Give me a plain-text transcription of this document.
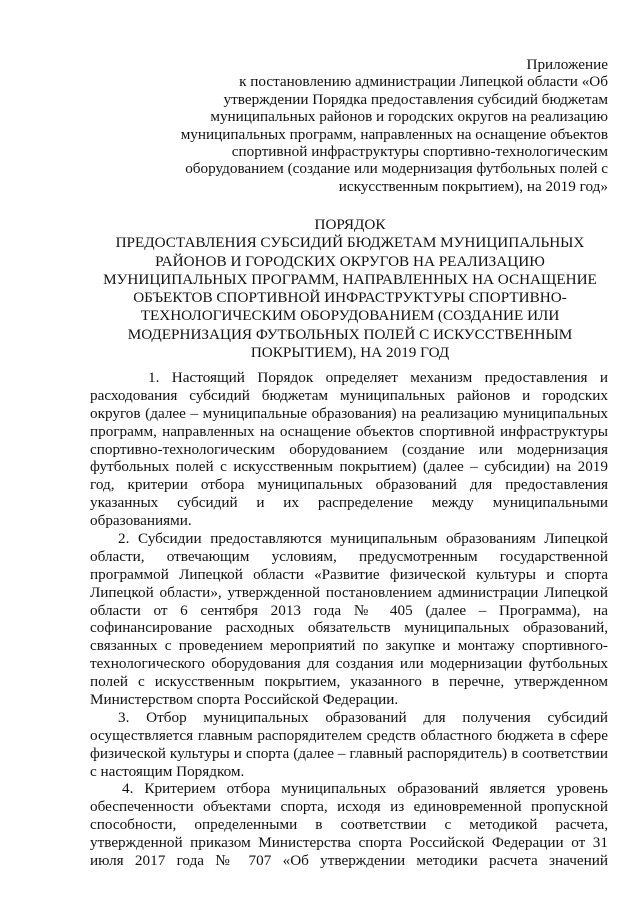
Приложение
к постановлению администрации Липецкой области «Об
утверждении Порядка предоставления субсидий бюджетам
муниципальных районов и городских округов на реализацию
муниципальных программ, направленных на оснащение объектов
спортивной инфраструктуры спортивно-технологическим
оборудованием (создание или модернизация футбольных полей с
искусственным покрытием), на 2019 год»
ПОРЯДОК
ПРЕДОСТАВЛЕНИЯ СУБСИДИЙ БЮДЖЕТАМ МУНИЦИПАЛЬНЫХ
РАЙОНОВ И ГОРОДСКИХ ОКРУГОВ НА РЕАЛИЗАЦИЮ
МУНИЦИПАЛЬНЫХ ПРОГРАММ, НАПРАВЛЕННЫХ НА ОСНАЩЕНИЕ
ОБЪЕКТОВ СПОРТИВНОЙ ИНФРАСТРУКТУРЫ СПОРТИВНО-
ТЕХНОЛОГИЧЕСКИМ ОБОРУДОВАНИЕМ (СОЗДАНИЕ ИЛИ
МОДЕРНИЗАЦИЯ ФУТБОЛЬНЫХ ПОЛЕЙ С ИСКУССТВЕННЫМ
ПОКРЫТИЕМ), НА 2019 ГОД
1. Настоящий Порядок определяет механизм предоставления и
расходования субсидий бюджетам муниципальных районов и городских
округов (далее – муниципальные образования) на реализацию муниципальных
программ, направленных на оснащение объектов спортивной инфраструктуры
спортивно-технологическим оборудованием (создание или модернизация
футбольных полей с искусственным покрытием) (далее – субсидии) на 2019
год, критерии отбора муниципальных образований для предоставления
указанных субсидий и их распределение между муниципальными
образованиями.
2. Субсидии предоставляются муниципальным образованиям Липецкой
области, отвечающим условиям, предусмотренным государственной
программой Липецкой области «Развитие физической культуры и спорта
Липецкой области», утвержденной постановлением администрации Липецкой
области от 6 сентября 2013 года № 405 (далее – Программа), на
софинансирование расходных обязательств муниципальных образований,
связанных с проведением мероприятий по закупке и монтажу спортивного-
технологического оборудования для создания или модернизации футбольных
полей с искусственным покрытием, указанного в перечне, утвержденном
Министерством спорта Российской Федерации.
3. Отбор муниципальных образований для получения субсидий
осуществляется главным распорядителем средств областного бюджета в сфере
физической культуры и спорта (далее – главный распорядитель) в соответствии
с настоящим Порядком.
4. Критерием отбора муниципальных образований является уровень
обеспеченности объектами спорта, исходя из единовременной пропускной
способности, определенными в соответствии с методикой расчета,
утвержденной приказом Министерства спорта Российской Федерации от 31
июля 2017 года № 707 «Об утверждении методики расчета значений
